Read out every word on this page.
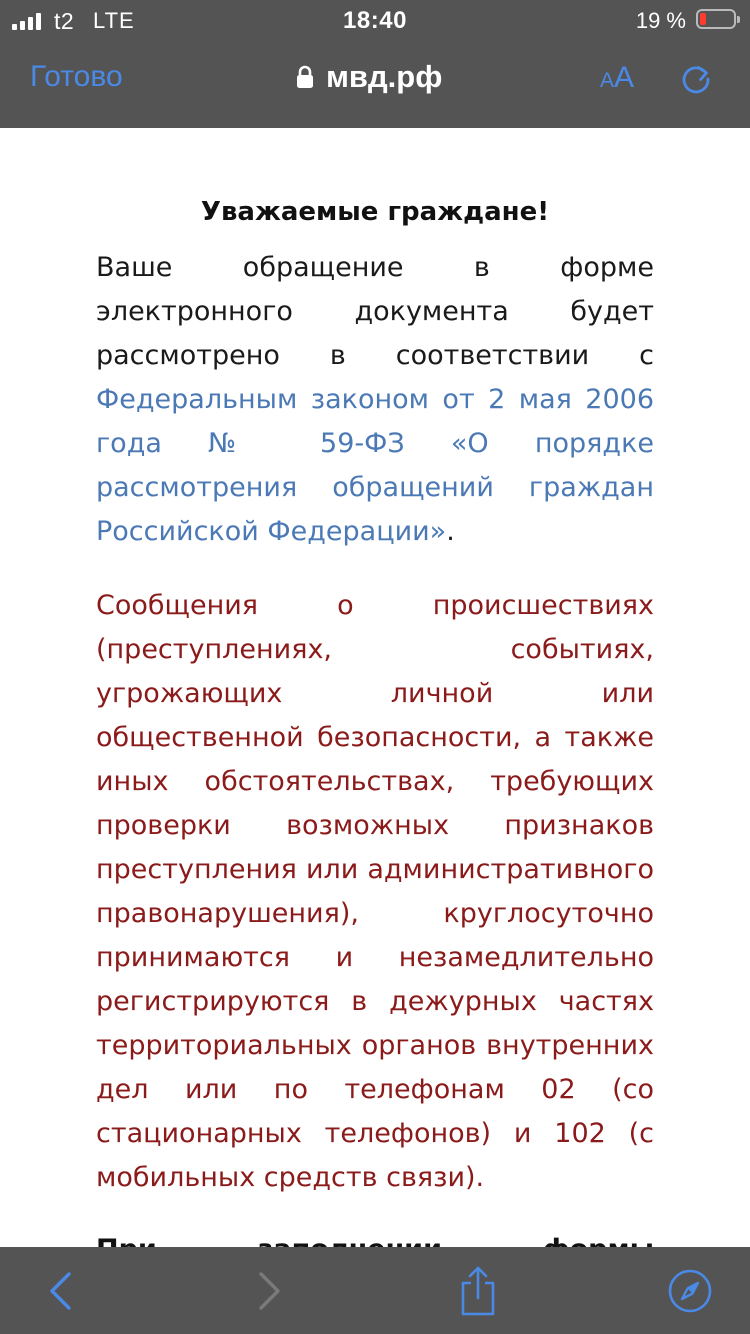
t2 LTE	18:40	19 %
Готово	мвд.рф	AA

Уважаемые граждане!

Ваше обращение в форме электронного документа будет рассмотрено в соответствии с Федеральным законом от 2 мая 2006 года № 59-ФЗ «О порядке рассмотрения обращений граждан Российской Федерации».

Сообщения о происшествиях (преступлениях, событиях, угрожающих личной или общественной безопасности, а также иных обстоятельствах, требующих проверки возможных признаков преступления или административного правонарушения), круглосуточно принимаются и незамедлительно регистрируются в дежурных частях территориальных органов внутренних дел или по телефонам 02 (со стационарных телефонов) и 102 (с мобильных средств связи).
